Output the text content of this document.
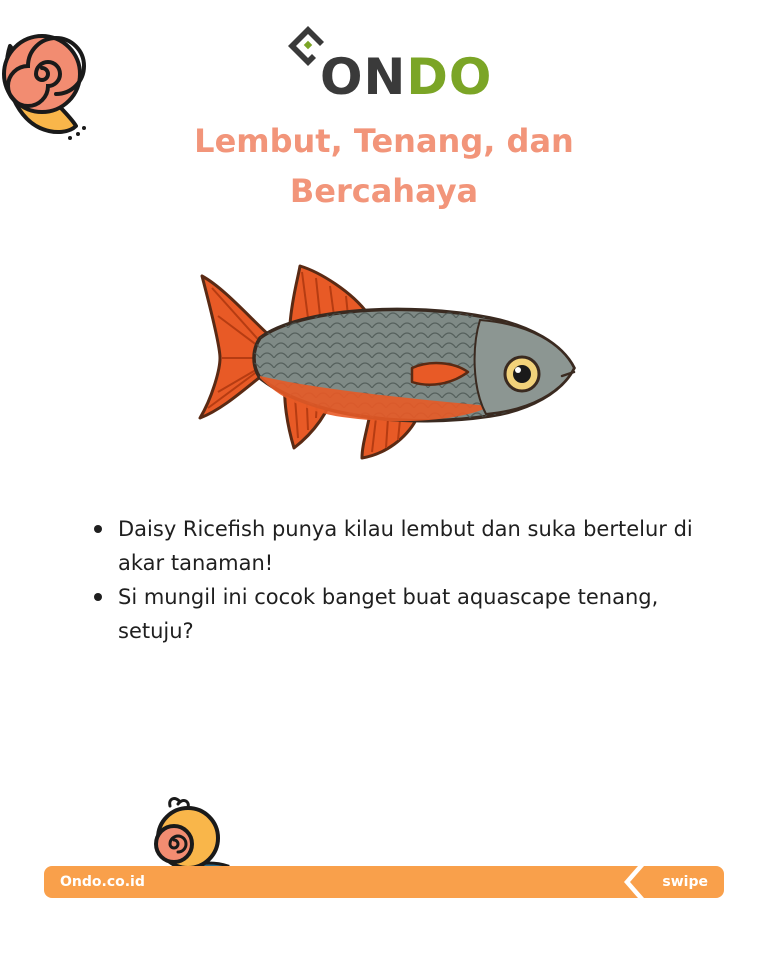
ONDO
Lembut, Tenang, dan
Bercahaya
Daisy Ricefish punya kilau lembut dan suka bertelur di akar tanaman!
Si mungil ini cocok banget buat aquascape tenang, setuju?
Ondo.co.id	swipe
